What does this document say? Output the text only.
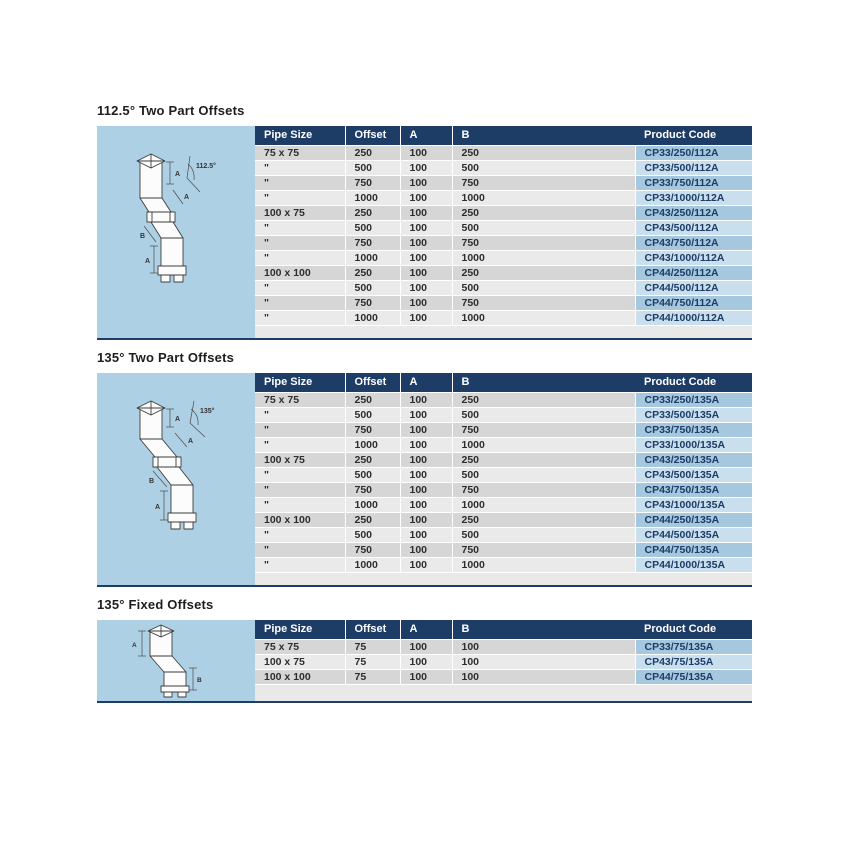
112.5° Two Part Offsets
A
A
112.5°
B
A
Pipe Size	Offset	A	B	Product Code
75 x 75	250	100	250	CP33/250/112A
"	500	100	500	CP33/500/112A
"	750	100	750	CP33/750/112A
"	1000	100	1000	CP33/1000/112A
100 x 75	250	100	250	CP43/250/112A
"	500	100	500	CP43/500/112A
"	750	100	750	CP43/750/112A
"	1000	100	1000	CP43/1000/112A
100 x 100	250	100	250	CP44/250/112A
"	500	100	500	CP44/500/112A
"	750	100	750	CP44/750/112A
"	1000	100	1000	CP44/1000/112A
135° Two Part Offsets
A
A
135°
B
A
Pipe Size	Offset	A	B	Product Code
75 x 75	250	100	250	CP33/250/135A
"	500	100	500	CP33/500/135A
"	750	100	750	CP33/750/135A
"	1000	100	1000	CP33/1000/135A
100 x 75	250	100	250	CP43/250/135A
"	500	100	500	CP43/500/135A
"	750	100	750	CP43/750/135A
"	1000	100	1000	CP43/1000/135A
100 x 100	250	100	250	CP44/250/135A
"	500	100	500	CP44/500/135A
"	750	100	750	CP44/750/135A
"	1000	100	1000	CP44/1000/135A
135° Fixed Offsets
A
B
Pipe Size	Offset	A	B	Product Code
75 x 75	75	100	100	CP33/75/135A
100 x 75	75	100	100	CP43/75/135A
100 x 100	75	100	100	CP44/75/135A
